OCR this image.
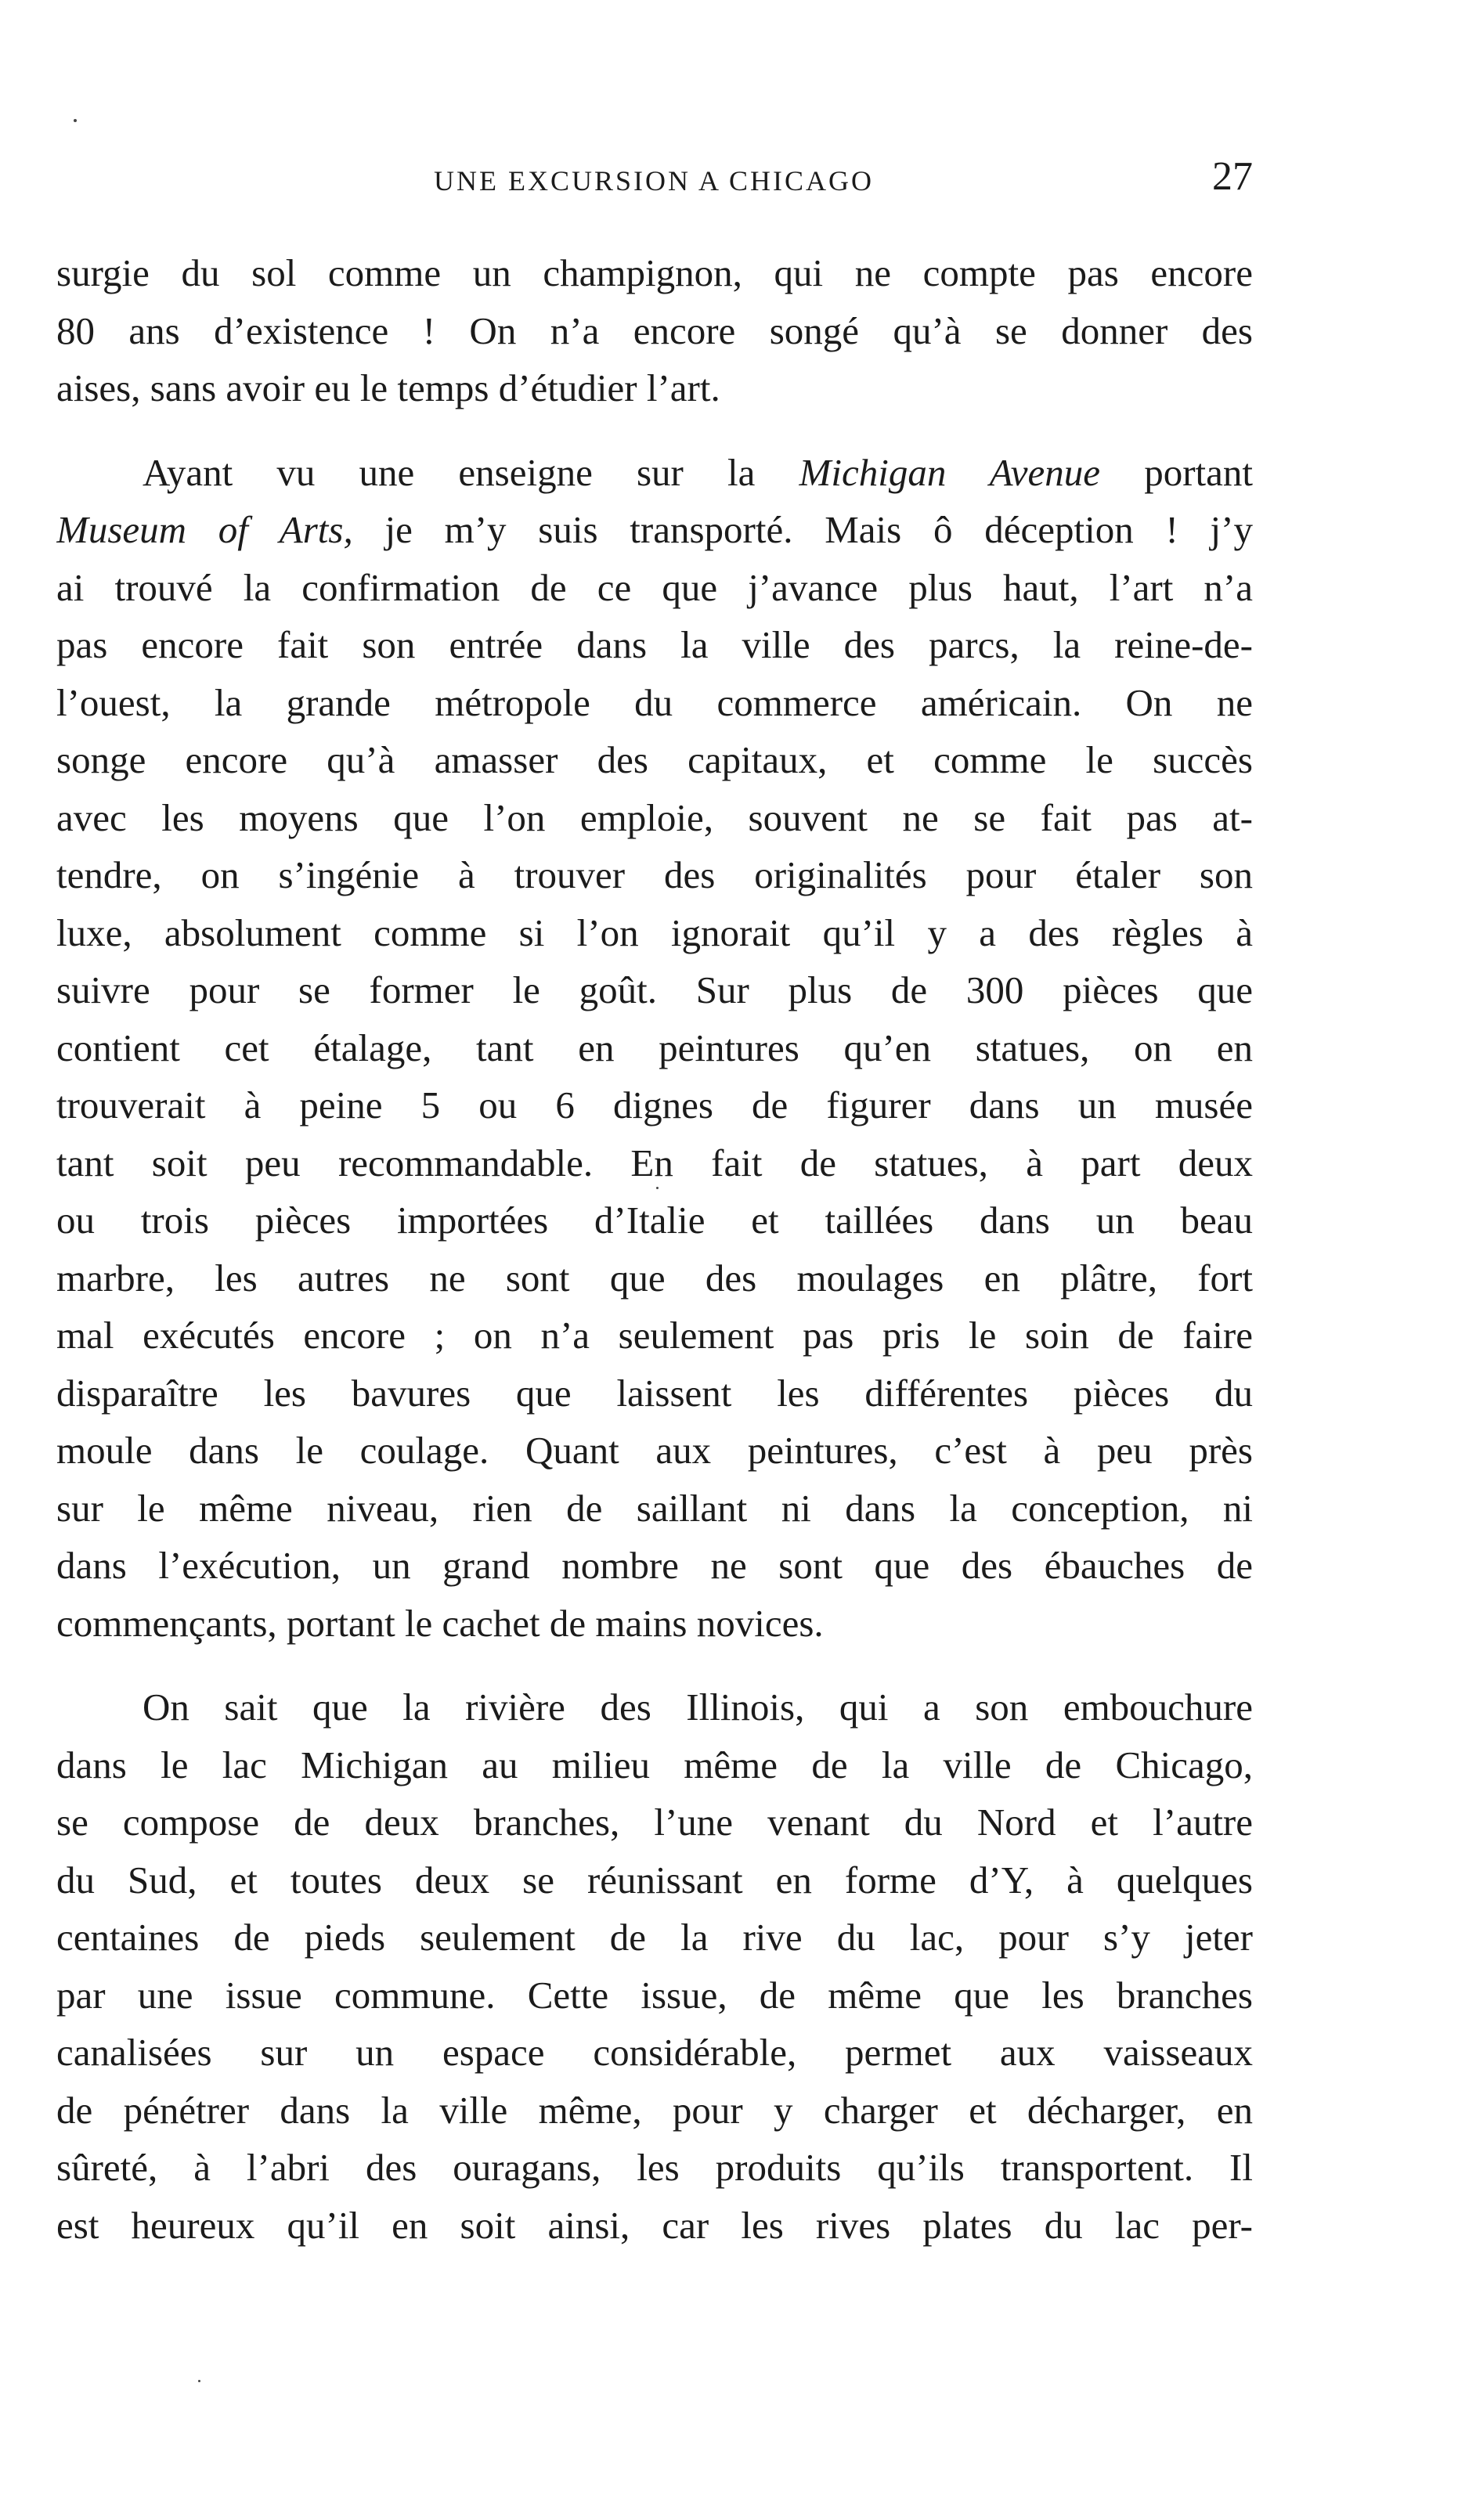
UNE EXCURSION A CHICAGO	27
surgie du sol comme un champignon, qui ne compte pas encore
80 ans d’existence ! On n’a encore songé qu’à se donner des
aises, sans avoir eu le temps d’étudier l’art.
Ayant vu une enseigne sur la Michigan Avenue portant
Museum of Arts, je m’y suis transporté. Mais ô déception ! j’y
ai trouvé la confirmation de ce que j’avance plus haut, l’art n’a
pas encore fait son entrée dans la ville des parcs, la reine-de-
l’ouest, la grande métropole du commerce américain. On ne
songe encore qu’à amasser des capitaux, et comme le succès
avec les moyens que l’on emploie, souvent ne se fait pas at-
tendre, on s’ingénie à trouver des originalités pour étaler son
luxe, absolument comme si l’on ignorait qu’il y a des règles à
suivre pour se former le goût. Sur plus de 300 pièces que
contient cet étalage, tant en peintures qu’en statues, on en
trouverait à peine 5 ou 6 dignes de figurer dans un musée
tant soit peu recommandable. En fait de statues, à part deux
ou trois pièces importées d’Italie et taillées dans un beau
marbre, les autres ne sont que des moulages en plâtre, fort
mal exécutés encore ; on n’a seulement pas pris le soin de faire
disparaître les bavures que laissent les différentes pièces du
moule dans le coulage. Quant aux peintures, c’est à peu près
sur le même niveau, rien de saillant ni dans la conception, ni
dans l’exécution, un grand nombre ne sont que des ébauches de
commençants, portant le cachet de mains novices.
On sait que la rivière des Illinois, qui a son embouchure
dans le lac Michigan au milieu même de la ville de Chicago,
se compose de deux branches, l’une venant du Nord et l’autre
du Sud, et toutes deux se réunissant en forme d’Y, à quelques
centaines de pieds seulement de la rive du lac, pour s’y jeter
par une issue commune. Cette issue, de même que les branches
canalisées sur un espace considérable, permet aux vaisseaux
de pénétrer dans la ville même, pour y charger et décharger, en
sûreté, à l’abri des ouragans, les produits qu’ils transportent. Il
est heureux qu’il en soit ainsi, car les rives plates du lac per-
